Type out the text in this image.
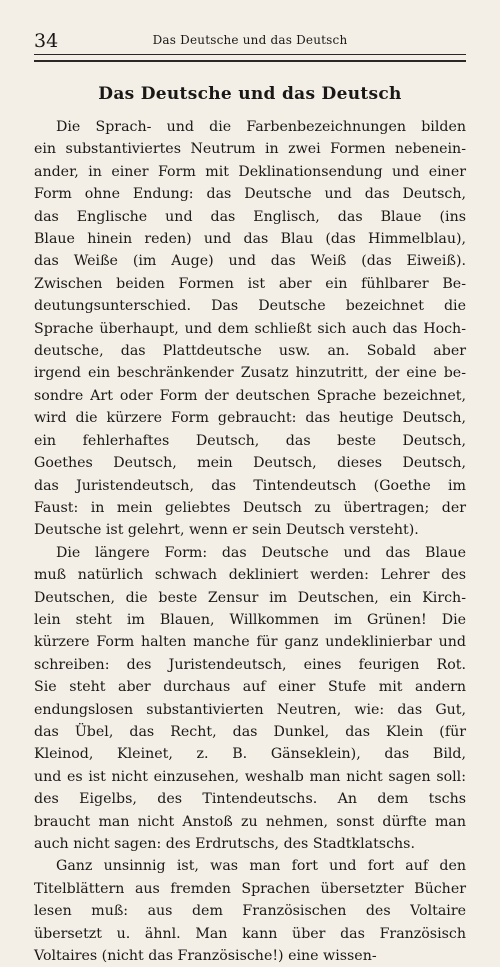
34	Das Deutsche und das Deutsch
Das Deutsche und das Deutsch

Die Sprach- und die Farbenbezeichnungen bilden
ein substantiviertes Neutrum in zwei Formen nebenein-
ander, in einer Form mit Deklinationsendung und einer
Form ohne Endung: das Deutsche und das Deutsch,
das Englische und das Englisch, das Blaue (ins
Blaue hinein reden) und das Blau (das Himmelblau),
das Weiße (im Auge) und das Weiß (das Eiweiß).
Zwischen beiden Formen ist aber ein fühlbarer Be-
deutungsunterschied. Das Deutsche bezeichnet die
Sprache überhaupt, und dem schließt sich auch das Hoch-
deutsche, das Plattdeutsche usw. an. Sobald aber
irgend ein beschränkender Zusatz hinzutritt, der eine be-
sondre Art oder Form der deutschen Sprache bezeichnet,
wird die kürzere Form gebraucht: das heutige Deutsch,
ein fehlerhaftes Deutsch, das beste Deutsch,
Goethes Deutsch, mein Deutsch, dieses Deutsch,
das Juristendeutsch, das Tintendeutsch (Goethe im
Faust: in mein geliebtes Deutsch zu übertragen; der
Deutsche ist gelehrt, wenn er sein Deutsch versteht).

Die längere Form: das Deutsche und das Blaue
muß natürlich schwach dekliniert werden: Lehrer des
Deutschen, die beste Zensur im Deutschen, ein Kirch-
lein steht im Blauen, Willkommen im Grünen! Die
kürzere Form halten manche für ganz undeklinierbar und
schreiben: des Juristendeutsch, eines feurigen Rot.
Sie steht aber durchaus auf einer Stufe mit andern
endungslosen substantivierten Neutren, wie: das Gut,
das Übel, das Recht, das Dunkel, das Klein (für
Kleinod, Kleinet, z. B. Gänseklein), das Bild,
und es ist nicht einzusehen, weshalb man nicht sagen soll:
des Eigelbs, des Tintendeutschs. An dem tschs
braucht man nicht Anstoß zu nehmen, sonst dürfte man
auch nicht sagen: des Erdrutschs, des Stadtklatschs.

Ganz unsinnig ist, was man fort und fort auf den
Titelblättern aus fremden Sprachen übersetzter Bücher
lesen muß: aus dem Französischen des Voltaire
übersetzt u. ähnl. Man kann über das Französisch
Voltaires (nicht das Französische!) eine wissen-
